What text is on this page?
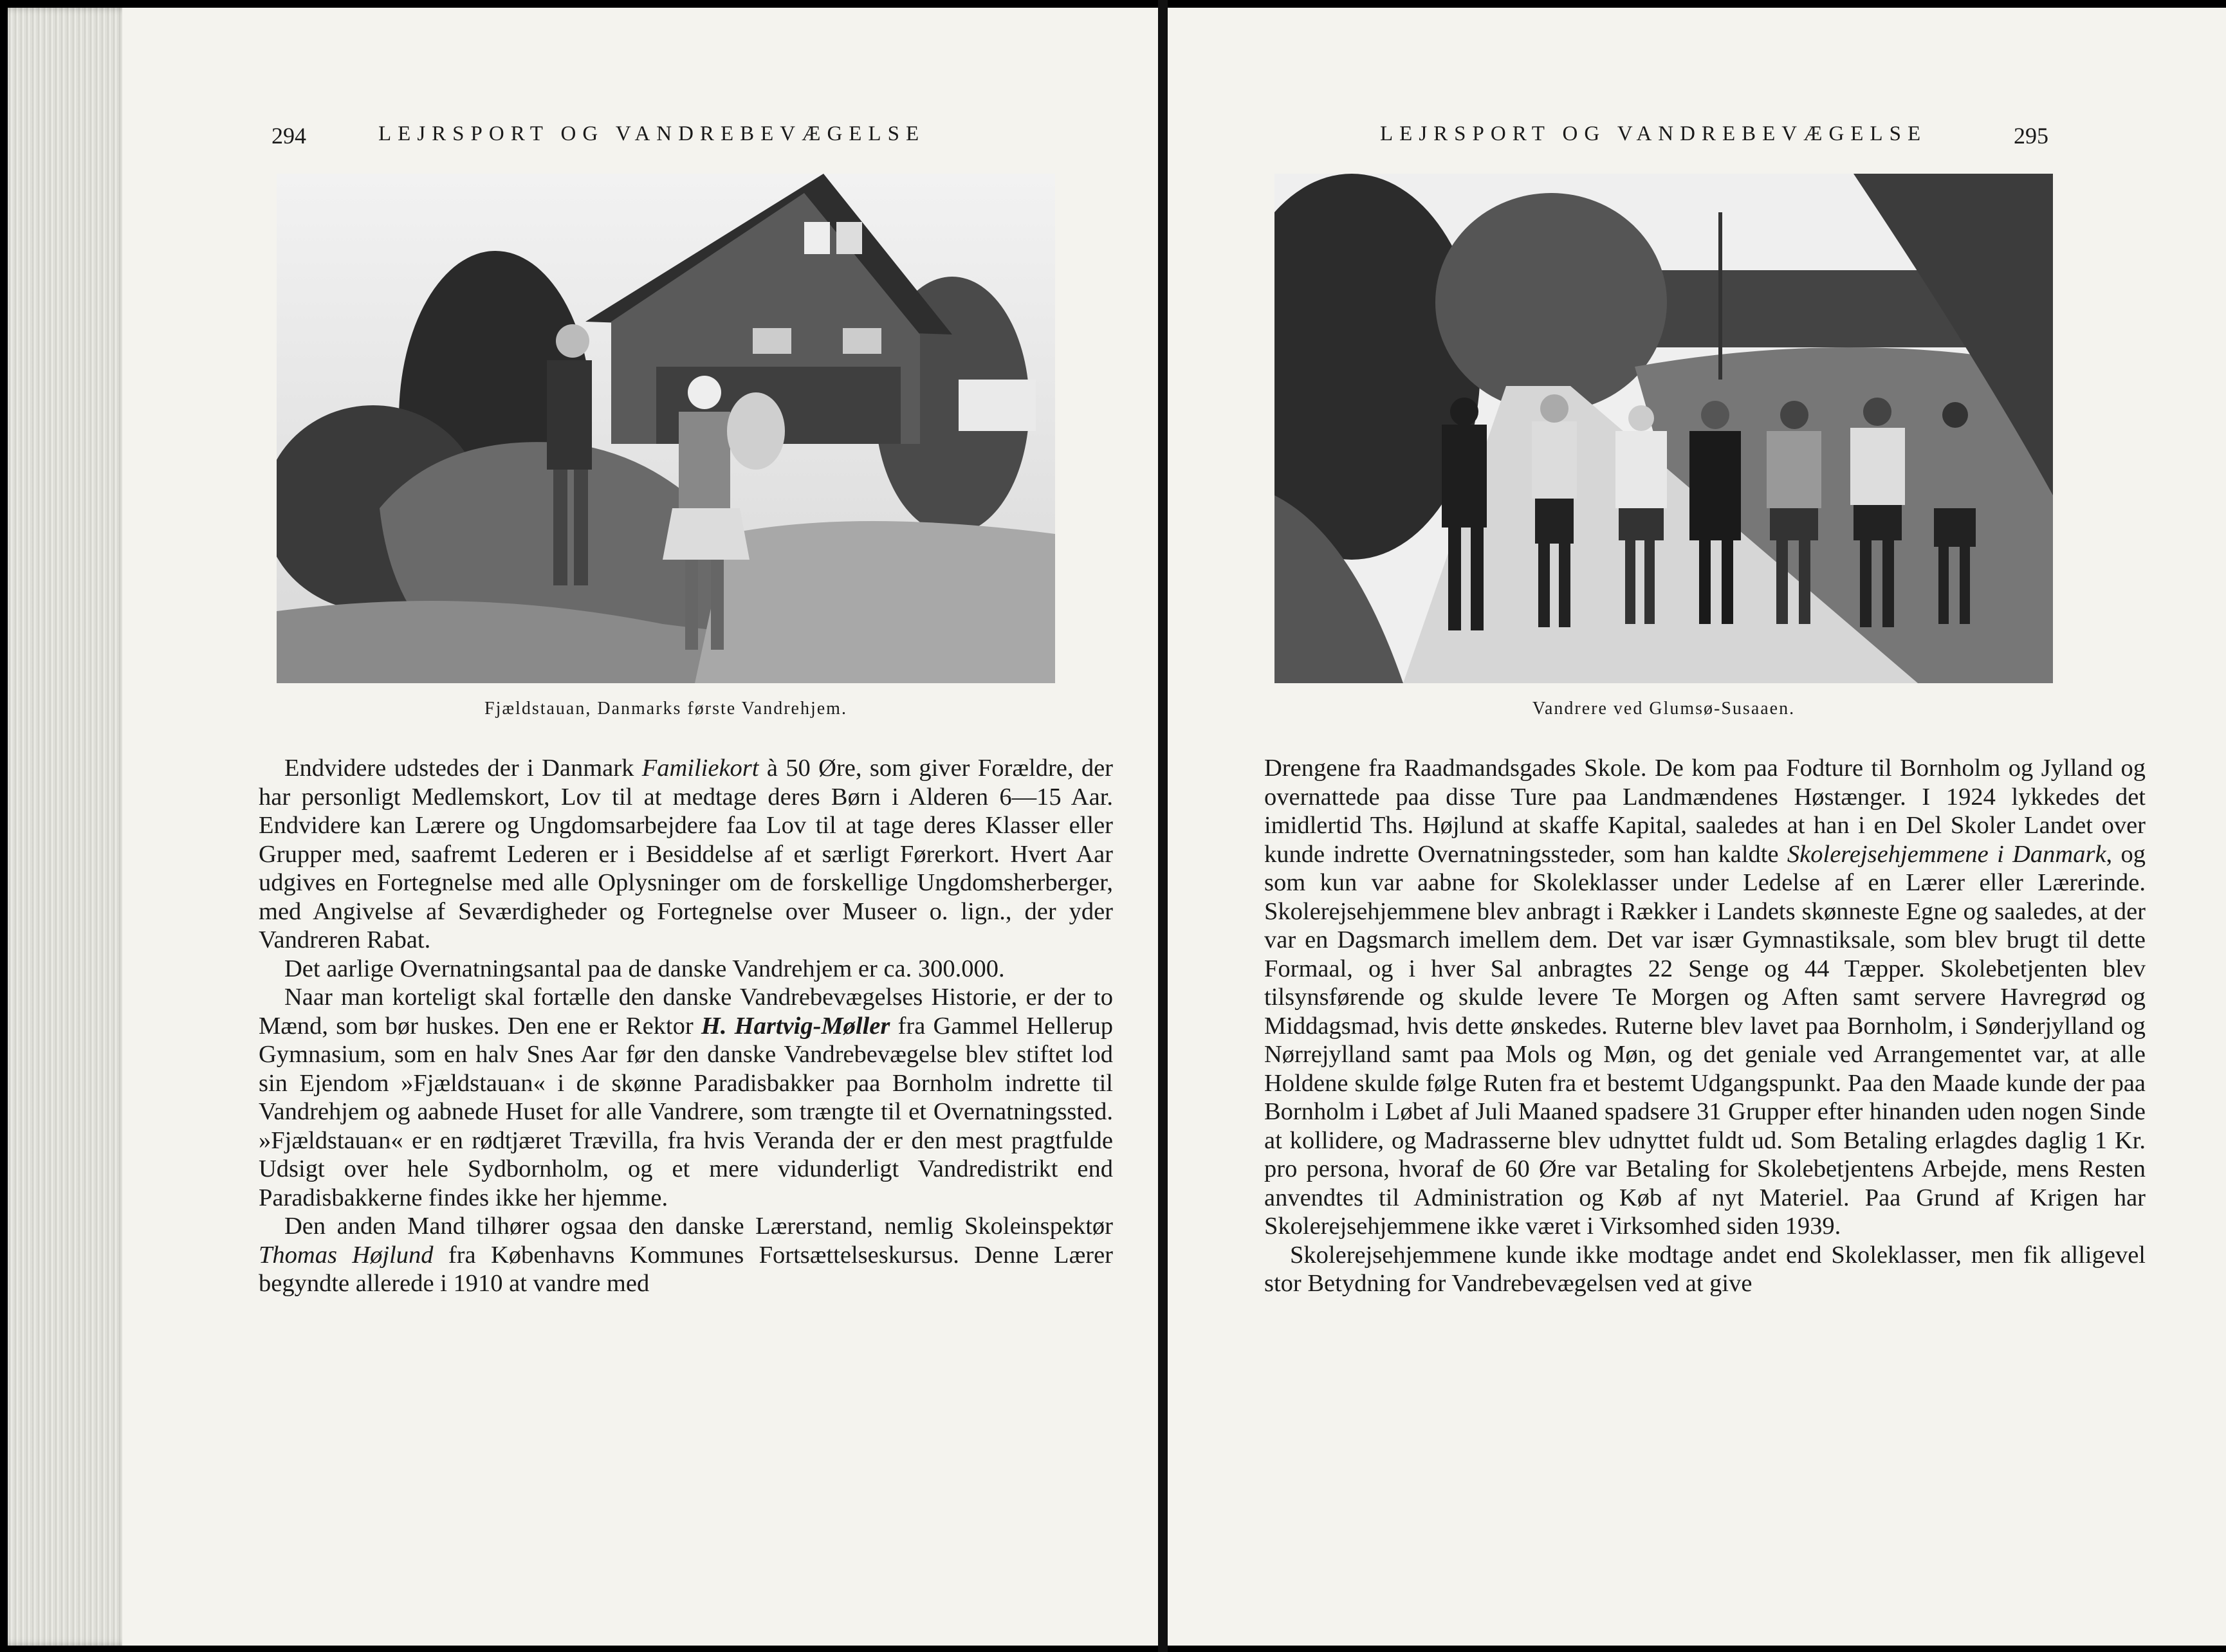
294	LEJRSPORT OG VANDREBEVÆGELSE
Fjældstauan, Danmarks første Vandrehjem.

Endvidere udstedes der i Danmark Familiekort à 50 Øre, som giver Forældre, der har personligt Medlemskort, Lov til at medtage deres Børn i Alderen 6—15 Aar. Endvidere kan Lærere og Ungdomsarbejdere faa Lov til at tage deres Klasser eller Grupper med, saafremt Lederen er i Besiddelse af et særligt Førerkort. Hvert Aar udgives en Fortegnelse med alle Oplysninger om de forskellige Ungdomsherberger, med Angivelse af Seværdigheder og Fortegnelse over Museer o. lign., der yder Vandreren Rabat.

Det aarlige Overnatningsantal paa de danske Vandrehjem er ca. 300.000.

Naar man korteligt skal fortælle den danske Vandrebevægelses Historie, er der to Mænd, som bør huskes. Den ene er Rektor H. Hartvig-Møller fra Gammel Hellerup Gymnasium, som en halv Snes Aar før den danske Vandrebevægelse blev stiftet lod sin Ejendom »Fjældstauan« i de skønne Paradisbakker paa Bornholm indrette til Vandrehjem og aabnede Huset for alle Vandrere, som trængte til et Overnatningssted. »Fjældstauan« er en rødtjæret Trævilla, fra hvis Veranda der er den mest pragtfulde Udsigt over hele Sydbornholm, og et mere vidunderligt Vandredistrikt end Paradisbakkerne findes ikke her hjemme.

Den anden Mand tilhører ogsaa den danske Lærerstand, nemlig Skoleinspektør Thomas Højlund fra Københavns Kommunes Fortsættelseskursus. Denne Lærer begyndte allerede i 1910 at vandre med

LEJRSPORT OG VANDREBEVÆGELSE	295
Vandrere ved Glumsø-Susaaen.

Drengene fra Raadmandsgades Skole. De kom paa Fodture til Bornholm og Jylland og overnattede paa disse Ture paa Landmændenes Høstænger. I 1924 lykkedes det imidlertid Ths. Højlund at skaffe Kapital, saaledes at han i en Del Skoler Landet over kunde indrette Overnatningssteder, som han kaldte Skolerejsehjemmene i Danmark, og som kun var aabne for Skoleklasser under Ledelse af en Lærer eller Lærerinde. Skolerejsehjemmene blev anbragt i Rækker i Landets skønneste Egne og saaledes, at der var en Dagsmarch imellem dem. Det var især Gymnastiksale, som blev brugt til dette Formaal, og i hver Sal anbragtes 22 Senge og 44 Tæpper. Skolebetjenten blev tilsynsførende og skulde levere Te Morgen og Aften samt servere Havregrød og Middagsmad, hvis dette ønskedes. Ruterne blev lavet paa Bornholm, i Sønderjylland og Nørrejylland samt paa Mols og Møn, og det geniale ved Arrangementet var, at alle Holdene skulde følge Ruten fra et bestemt Udgangspunkt. Paa den Maade kunde der paa Bornholm i Løbet af Juli Maaned spadsere 31 Grupper efter hinanden uden nogen Sinde at kollidere, og Madrasserne blev udnyttet fuldt ud. Som Betaling erlagdes daglig 1 Kr. pro persona, hvoraf de 60 Øre var Betaling for Skolebetjentens Arbejde, mens Resten anvendtes til Administration og Køb af nyt Materiel. Paa Grund af Krigen har Skolerejsehjemmene ikke været i Virksomhed siden 1939.

Skolerejsehjemmene kunde ikke modtage andet end Skoleklasser, men fik alligevel stor Betydning for Vandrebevægelsen ved at give
